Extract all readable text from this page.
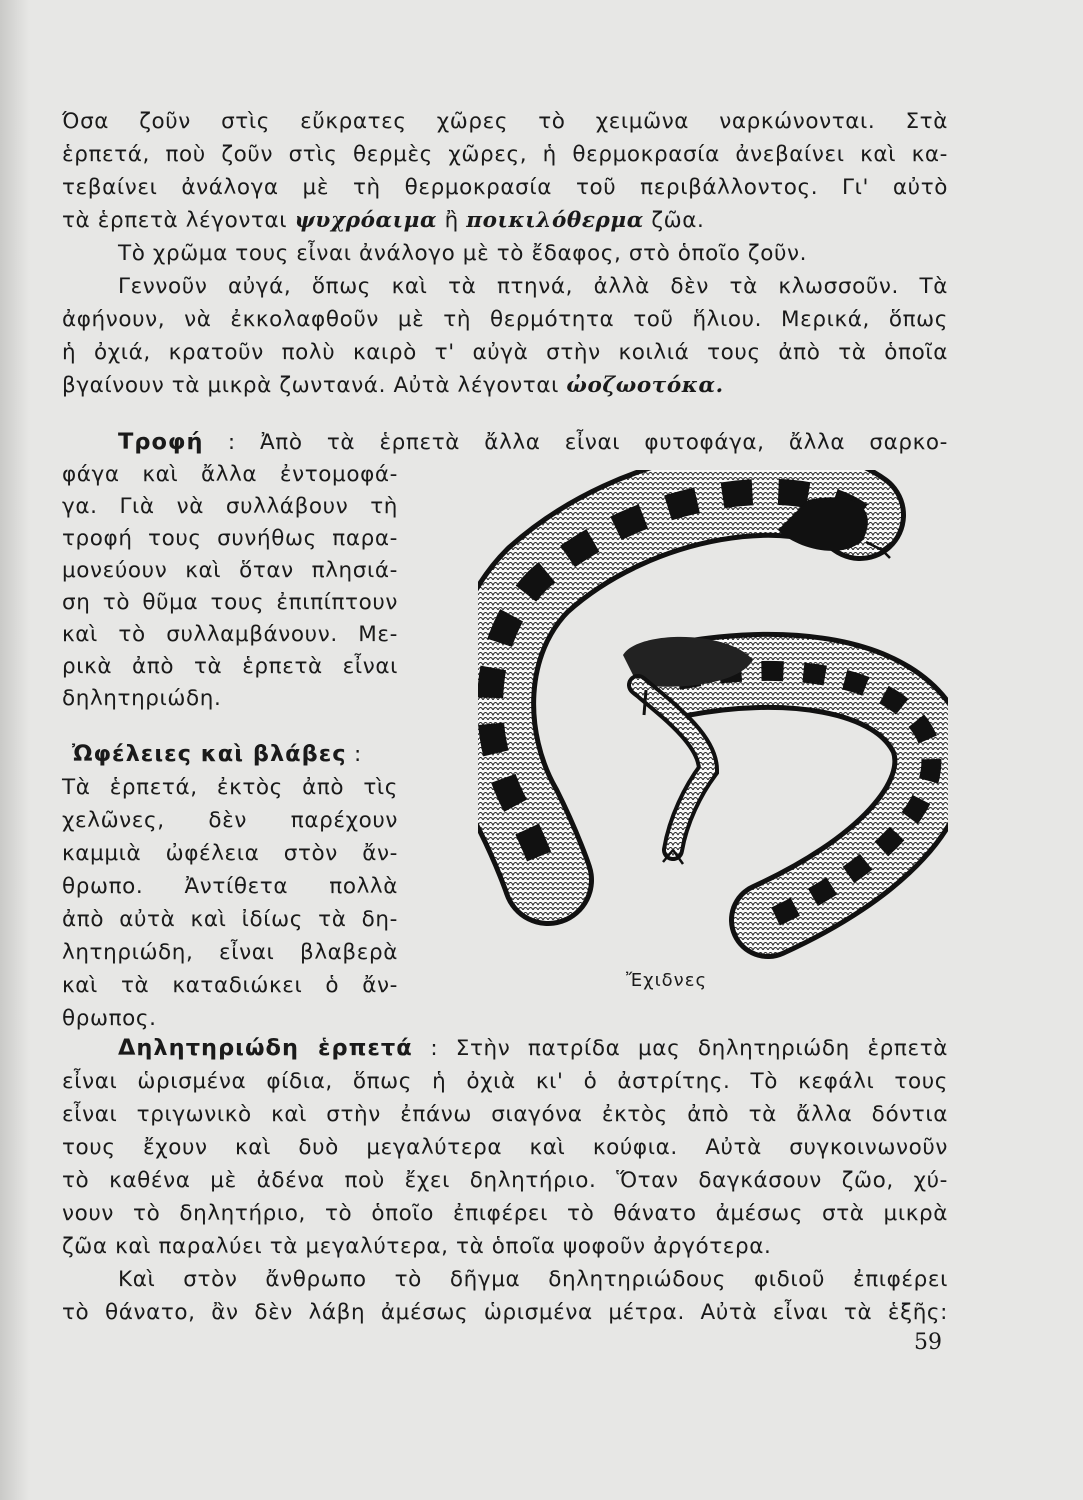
Όσα ζοῦν στὶς εὔκρατες χῶρες τὸ χειμῶνα ναρκώνονται. Στὰ
ἑρπετά, ποὺ ζοῦν στὶς θερμὲς χῶρες, ἡ θερμοκρασία ἀνεβαίνει καὶ κα-
τεβαίνει ἀνάλογα μὲ τὴ θερμοκρασία τοῦ περιβάλλοντος. Γι' αὐτὸ
τὰ ἑρπετὰ λέγονται ψυχρόαιμα ἢ ποικιλόθερμα ζῶα.
Τὸ χρῶμα τους εἶναι ἀνάλογο μὲ τὸ ἔδαφος, στὸ ὁποῖο ζοῦν.
Γεννοῦν αὐγά, ὅπως καὶ τὰ πτηνά, ἀλλὰ δὲν τὰ κλωσσοῦν. Τὰ
ἀφήνουν, νὰ ἐκκολαφθοῦν μὲ τὴ θερμότητα τοῦ ἥλιου. Μερικά, ὅπως
ἡ ὀχιά, κρατοῦν πολὺ καιρὸ τ' αὐγὰ στὴν κοιλιά τους ἀπὸ τὰ ὁποῖα
βγαίνουν τὰ μικρὰ ζωντανά. Αὐτὰ λέγονται ὠοζωοτόκα.
Τροφή : Ἀπὸ τὰ ἑρπετὰ ἄλλα εἶναι φυτοφάγα, ἄλλα σαρκο-
φάγα καὶ ἄλλα ἐντομοφά-
γα. Γιὰ νὰ συλλάβουν τὴ
τροφή τους συνήθως παρα-
μονεύουν καὶ ὅταν πλησιά-
ση τὸ θῦμα τους ἐπιπίπτουν
καὶ τὸ συλλαμβάνουν. Με-
ρικὰ ἀπὸ τὰ ἑρπετὰ εἶναι
δηλητηριώδη.
Ὠφέλειες καὶ βλάβες :
Τὰ ἑρπετά, ἐκτὸς ἀπὸ τὶς
χελῶνες, δὲν παρέχουν
καμμιὰ ὠφέλεια στὸν ἄν-
θρωπο. Ἀντίθετα πολλὰ
ἀπὸ αὐτὰ καὶ ἰδίως τὰ δη-
λητηριώδη, εἶναι βλαβερὰ
καὶ τὰ καταδιώκει ὁ ἄν-
θρωπος.
Ἔχιδνες
Δηλητηριώδη ἑρπετά : Στὴν πατρίδα μας δηλητηριώδη ἑρπετὰ
εἶναι ὡρισμένα φίδια, ὅπως ἡ ὀχιὰ κι' ὁ ἀστρίτης. Τὸ κεφάλι τους
εἶναι τριγωνικὸ καὶ στὴν ἐπάνω σιαγόνα ἐκτὸς ἀπὸ τὰ ἄλλα δόντια
τους ἔχουν καὶ δυὸ μεγαλύτερα καὶ κούφια. Αὐτὰ συγκοινωνοῦν
τὸ καθένα μὲ ἀδένα ποὺ ἔχει δηλητήριο. Ὅταν δαγκάσουν ζῶο, χύ-
νουν τὸ δηλητήριο, τὸ ὁποῖο ἐπιφέρει τὸ θάνατο ἀμέσως στὰ μικρὰ
ζῶα καὶ παραλύει τὰ μεγαλύτερα, τὰ ὁποῖα ψοφοῦν ἀργότερα.
Καὶ στὸν ἄνθρωπο τὸ δῆγμα δηλητηριώδους φιδιοῦ ἐπιφέρει
τὸ θάνατο, ἂν δὲν λάβη ἀμέσως ὡρισμένα μέτρα. Αὐτὰ εἶναι τὰ ἑξῆς:
59
